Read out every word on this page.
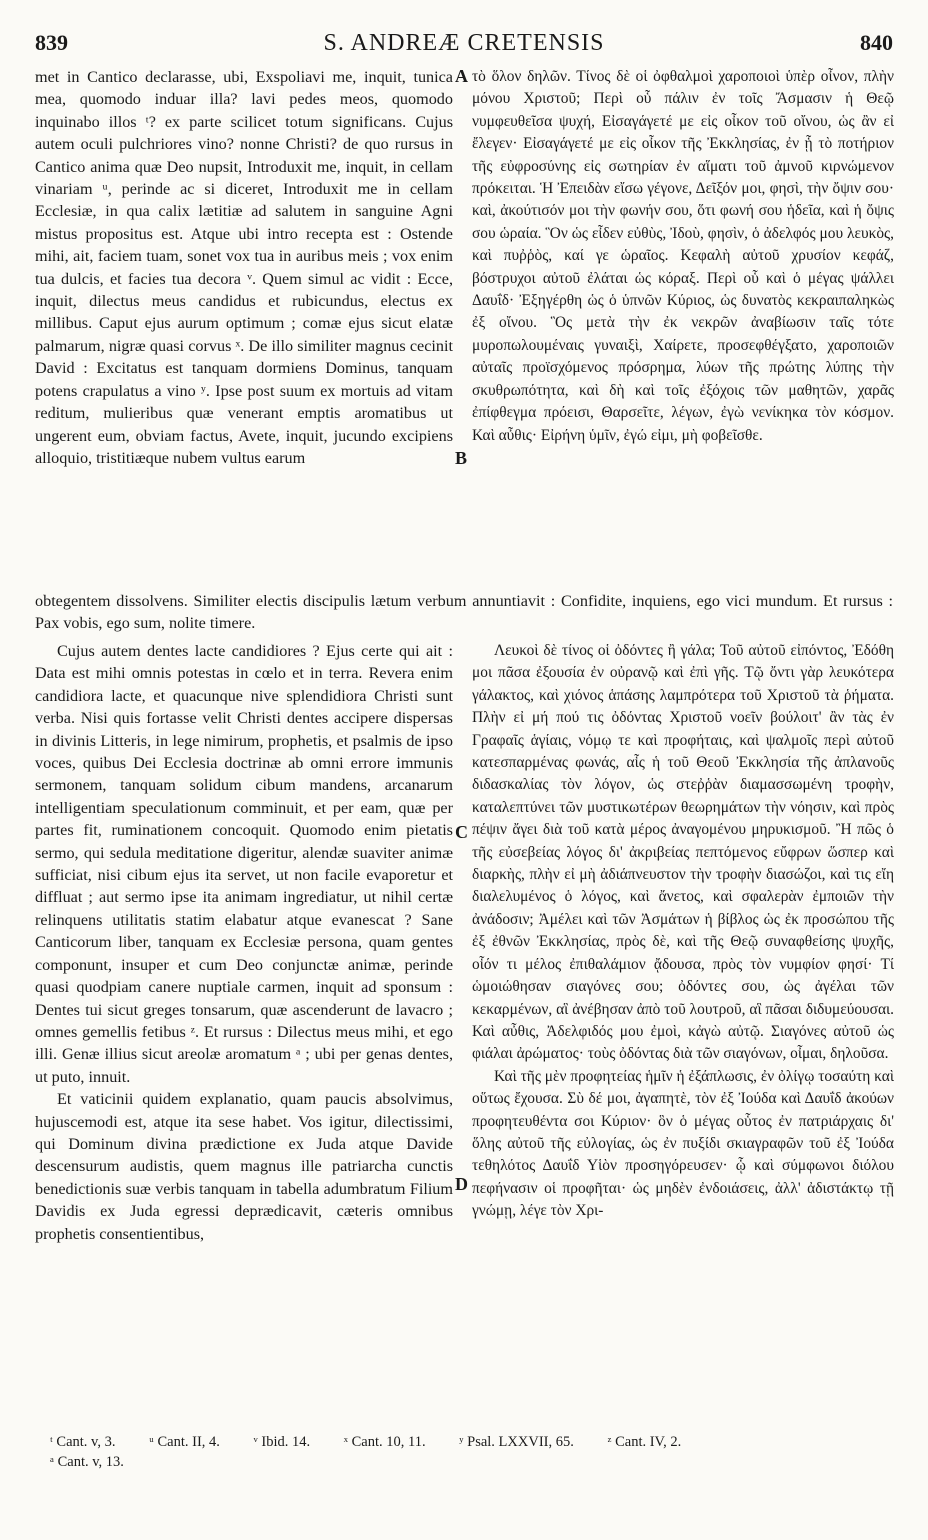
839	S. ANDREÆ CRETENSIS	840

met in Cantico declarasse, ubi, Exspoliavi me, inquit, tunica mea, quomodo induar illa? lavi pedes meos, quomodo inquinabo illos ᵗ? ex parte scilicet totum significans. Cujus autem oculi pulchriores vino? nonne Christi? de quo rursus in Cantico anima quæ Deo nupsit, Introduxit me, inquit, in cellam vinariam ᵘ, perinde ac si diceret, Introduxit me in cellam Ecclesiæ, in qua calix lætitiæ ad salutem in sanguine Agni mistus propositus est. Atque ubi intro recepta est : Ostende mihi, ait, faciem tuam, sonet vox tua in auribus meis ; vox enim tua dulcis, et facies tua decora ᵛ. Quem simul ac vidit : Ecce, inquit, dilectus meus candidus et rubicundus, electus ex millibus. Caput ejus aurum optimum ; comæ ejus sicut elatæ palmarum, nigræ quasi corvus ˣ. De illo similiter magnus cecinit David : Excitatus est tanquam dormiens Dominus, tanquam potens crapulatus a vino ʸ. Ipse post suum ex mortuis ad vitam reditum, mulieribus quæ venerant emptis aromatibus ut ungerent eum, obviam factus, Avete, inquit, jucundo excipiens alloquio, tristitiæque nubem vultus earum

τὸ ὅλον δηλῶν. Τίνος δὲ οἱ ὀφθαλμοὶ χαροποιοὶ ὑπὲρ οἶνον, πλὴν μόνου Χριστοῦ; Περὶ οὗ πάλιν ἐν τοῖς Ἄσμασιν ἡ Θεῷ νυμφευθεῖσα ψυχή, Εἰσαγάγετέ με εἰς οἶκον τοῦ οἴνου, ὡς ἂν εἰ ἔλεγεν· Εἰσαγάγετέ με εἰς οἶκον τῆς Ἐκκλησίας, ἐν ᾗ τὸ ποτήριον τῆς εὐφροσύνης εἰς σωτηρίαν ἐν αἵματι τοῦ ἀμνοῦ κιρνώμενον πρόκειται. Ἡ Ἐπειδὰν εἴσω γέγονε, Δεῖξόν μοι, φησὶ, τὴν ὄψιν σου· καὶ, ἀκούτισόν μοι τὴν φωνήν σου, ὅτι φωνή σου ἡδεῖα, καὶ ἡ ὄψις σου ὡραία. Ὃν ὡς εἶδεν εὐθὺς, Ἰδοὺ, φησὶν, ὁ ἀδελφός μου λευκὸς, καὶ πυῤῥὸς, καί γε ὡραῖος. Κεφαλὴ αὐτοῦ χρυσίον κεφάζ, βόστρυχοι αὐτοῦ ἐλάται ὡς κόραξ. Περὶ οὗ καὶ ὁ μέγας ψάλλει Δαυΐδ· Ἐξηγέρθη ὡς ὁ ὑπνῶν Κύριος, ὡς δυνατὸς κεκραιπαληκὼς ἐξ οἴνου. Ὃς μετὰ τὴν ἐκ νεκρῶν ἀναβίωσιν ταῖς τότε μυροπωλουμέναις γυναιξὶ, Χαίρετε, προσεφθέγξατο, χαροποιῶν αὐταῖς προϊσχόμενος πρόσρημα, λύων τῆς πρώτης λύπης τὴν σκυθρωπότητα, καὶ δὴ καὶ τοῖς ἐξόχοις τῶν μαθητῶν, χαρᾶς ἐπίφθεγμα πρόεισι, Θαρσεῖτε, λέγων, ἐγὼ νενίκηκα τὸν κόσμον. Καὶ αὖθις· Εἰρήνη ὑμῖν, ἐγώ εἰμι, μὴ φοβεῖσθε.

obtegentem dissolvens. Similiter electis discipulis lætum verbum annuntiavit : Confidite, inquiens, ego vici mundum. Et rursus : Pax vobis, ego sum, nolite timere.

Cujus autem dentes lacte candidiores ? Ejus certe qui ait : Data est mihi omnis potestas in cœlo et in terra. Revera enim candidiora lacte, et quacunque nive splendidiora Christi sunt verba. Nisi quis fortasse velit Christi dentes accipere dispersas in divinis Litteris, in lege nimirum, prophetis, et psalmis de ipso voces, quibus Dei Ecclesia doctrinæ ab omni errore immunis sermonem, tanquam solidum cibum mandens, arcanarum intelligentiam speculationum comminuit, et per eam, quæ per partes fit, ruminationem concoquit. Quomodo enim pietatis sermo, qui sedula meditatione digeritur, alendæ suaviter animæ sufficiat, nisi cibum ejus ita servet, ut non facile evaporetur et diffluat ; aut sermo ipse ita animam ingrediatur, ut nihil certæ relinquens utilitatis statim elabatur atque evanescat ? Sane Canticorum liber, tanquam ex Ecclesiæ persona, quam gentes componunt, insuper et cum Deo conjunctæ animæ, perinde quasi quodpiam canere nuptiale carmen, inquit ad sponsum : Dentes tui sicut greges tonsarum, quæ ascenderunt de lavacro ; omnes gemellis fetibus ᶻ. Et rursus : Dilectus meus mihi, et ego illi. Genæ illius sicut areolæ aromatum ᵃ ; ubi per genas dentes, ut puto, innuit.

Et vaticinii quidem explanatio, quam paucis absolvimus, hujuscemodi est, atque ita sese habet. Vos igitur, dilectissimi, qui Dominum divina prædictione ex Juda atque Davide descensurum audistis, quem magnus ille patriarcha cunctis benedictionis suæ verbis tanquam in tabella adumbratum Filium Davidis ex Juda egressi deprædicavit, cæteris omnibus prophetis consentientibus,

Λευκοὶ δὲ τίνος οἱ ὀδόντες ἢ γάλα; Τοῦ αὐτοῦ εἰπόντος, Ἐδόθη μοι πᾶσα ἐξουσία ἐν οὐρανῷ καὶ ἐπὶ γῆς. Τῷ ὄντι γὰρ λευκότερα γάλακτος, καὶ χιόνος ἁπάσης λαμπρότερα τοῦ Χριστοῦ τὰ ῥήματα. Πλὴν εἰ μή πού τις ὀδόντας Χριστοῦ νοεῖν βούλοιτ' ἂν τὰς ἐν Γραφαῖς ἁγίαις, νόμῳ τε καὶ προφήταις, καὶ ψαλμοῖς περὶ αὐτοῦ κατεσπαρμένας φωνάς, αἷς ἡ τοῦ Θεοῦ Ἐκκλησία τῆς ἀπλανοῦς διδασκαλίας τὸν λόγον, ὡς στεῤῥὰν διαμασσωμένη τροφὴν, καταλεπτύνει τῶν μυστικωτέρων θεωρημάτων τὴν νόησιν, καὶ πρὸς πέψιν ἄγει διὰ τοῦ κατὰ μέρος ἀναγομένου μηρυκισμοῦ. Ἢ πῶς ὁ τῆς εὐσεβείας λόγος δι' ἀκριβείας πεπτόμενος εὔφρων ὥσπερ καὶ διαρκὴς, πλὴν εἰ μὴ ἀδιάπνευστον τὴν τροφὴν διασώζοι, καὶ τις εἴη διαλελυμένος ὁ λόγος, καὶ ἄνετος, καὶ σφαλερὰν ἐμποιῶν τὴν ἀνάδοσιν; Ἀμέλει καὶ τῶν Ἀσμάτων ἡ βίβλος ὡς ἐκ προσώπου τῆς ἐξ ἐθνῶν Ἐκκλησίας, πρὸς δὲ, καὶ τῆς Θεῷ συναφθείσης ψυχῆς, οἷόν τι μέλος ἐπιθαλάμιον ᾄδουσα, πρὸς τὸν νυμφίον φησί· Τί ὡμοιώθησαν σιαγόνες σου; ὀδόντες σου, ὡς ἀγέλαι τῶν κεκαρμένων, αἳ ἀνέβησαν ἀπὸ τοῦ λουτροῦ, αἳ πᾶσαι διδυμεύουσαι. Καὶ αὖθις, Ἀδελφιδός μου ἐμοὶ, κἀγὼ αὐτῷ. Σιαγόνες αὐτοῦ ὡς φιάλαι ἀρώματος· τοὺς ὀδόντας διὰ τῶν σιαγόνων, οἶμαι, δηλοῦσα.

Καὶ τῆς μὲν προφητείας ἡμῖν ἡ ἐξάπλωσις, ἐν ὀλίγῳ τοσαύτη καὶ οὕτως ἔχουσα. Σὺ δέ μοι, ἀγαπητὲ, τὸν ἐξ Ἰούδα καὶ Δαυΐδ ἀκούων προφητευθέντα σοι Κύριον· ὃν ὁ μέγας οὗτος ἐν πατριάρχαις δι' ὅλης αὐτοῦ τῆς εὐλογίας, ὡς ἐν πυξίδι σκιαγραφῶν τοῦ ἐξ Ἰούδα τεθηλότος Δαυΐδ Υἱὸν προσηγόρευσεν· ᾧ καὶ σύμφωνοι διόλου πεφήνασιν οἱ προφῆται· ὡς μηδὲν ἐνδοιάσεις, ἀλλ' ἀδιστάκτῳ τῇ γνώμῃ, λέγε τὸν Χρι-

A
B
C
D
ᵗ Cant. v, 3. ᵘ Cant. II, 4. ᵛ Ibid. 14. ˣ Cant. 10, 11. ʸ Psal. LXXVII, 65. ᶻ Cant. IV, 2.
ᵃ Cant. v, 13.
